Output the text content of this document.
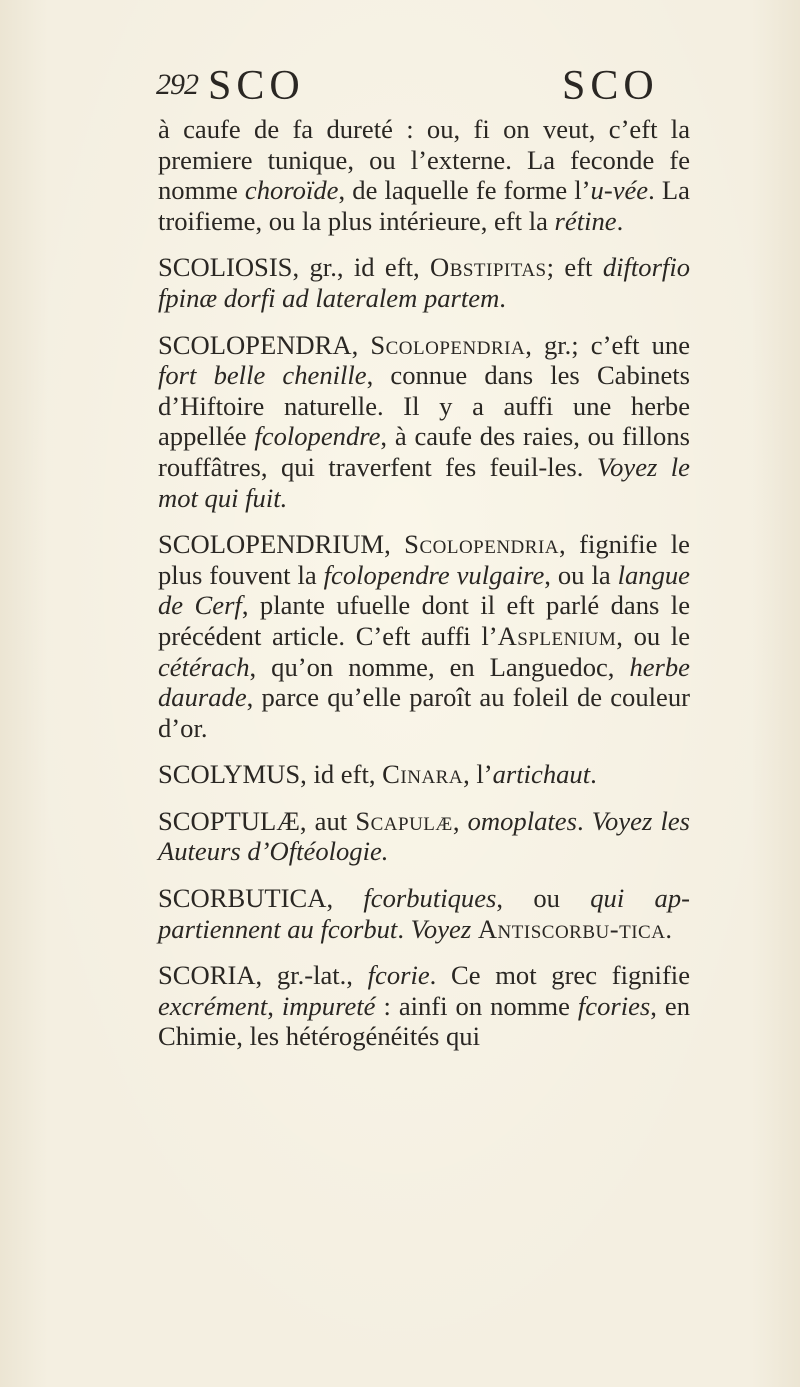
292 SCO	SCO

à caufe de fa dureté : ou, fi on veut, c’eft la premiere tunique, ou l’externe. La feconde fe nomme choroïde, de laquelle fe forme l’u-vée. La troifieme, ou la plus intérieure, eft la rétine.

SCOLIOSIS, gr., id eft, Obstipitas; eft diftorfio fpinæ dorfi ad lateralem partem.

SCOLOPENDRA, Scolopendria, gr.; c’eft une fort belle chenille, connue dans les Cabinets d’Hiftoire naturelle. Il y a auffi une herbe appellée fcolopendre, à caufe des raies, ou fillons rouffâtres, qui traverfent fes feuil-les. Voyez le mot qui fuit.

SCOLOPENDRIUM, Scolopendria, fignifie le plus fouvent la fcolopendre vulgaire, ou la langue de Cerf, plante ufuelle dont il eft parlé dans le précédent article. C’eft auffi l’Asplenium, ou le cétérach, qu’on nomme, en Languedoc, herbe daurade, parce qu’elle paroît au foleil de couleur d’or.

SCOLYMUS, id eft, Cinara, l’artichaut.

SCOPTULÆ, aut Scapulæ, omoplates. Voyez les Auteurs d’Oftéologie.

SCORBUTICA, fcorbutiques, ou qui ap-partiennent au fcorbut. Voyez Antiscorbu-tica.

SCORIA, gr.-lat., fcorie. Ce mot grec fignifie excrément, impureté : ainfi on nomme fcories, en Chimie, les hétérogénéités qui
